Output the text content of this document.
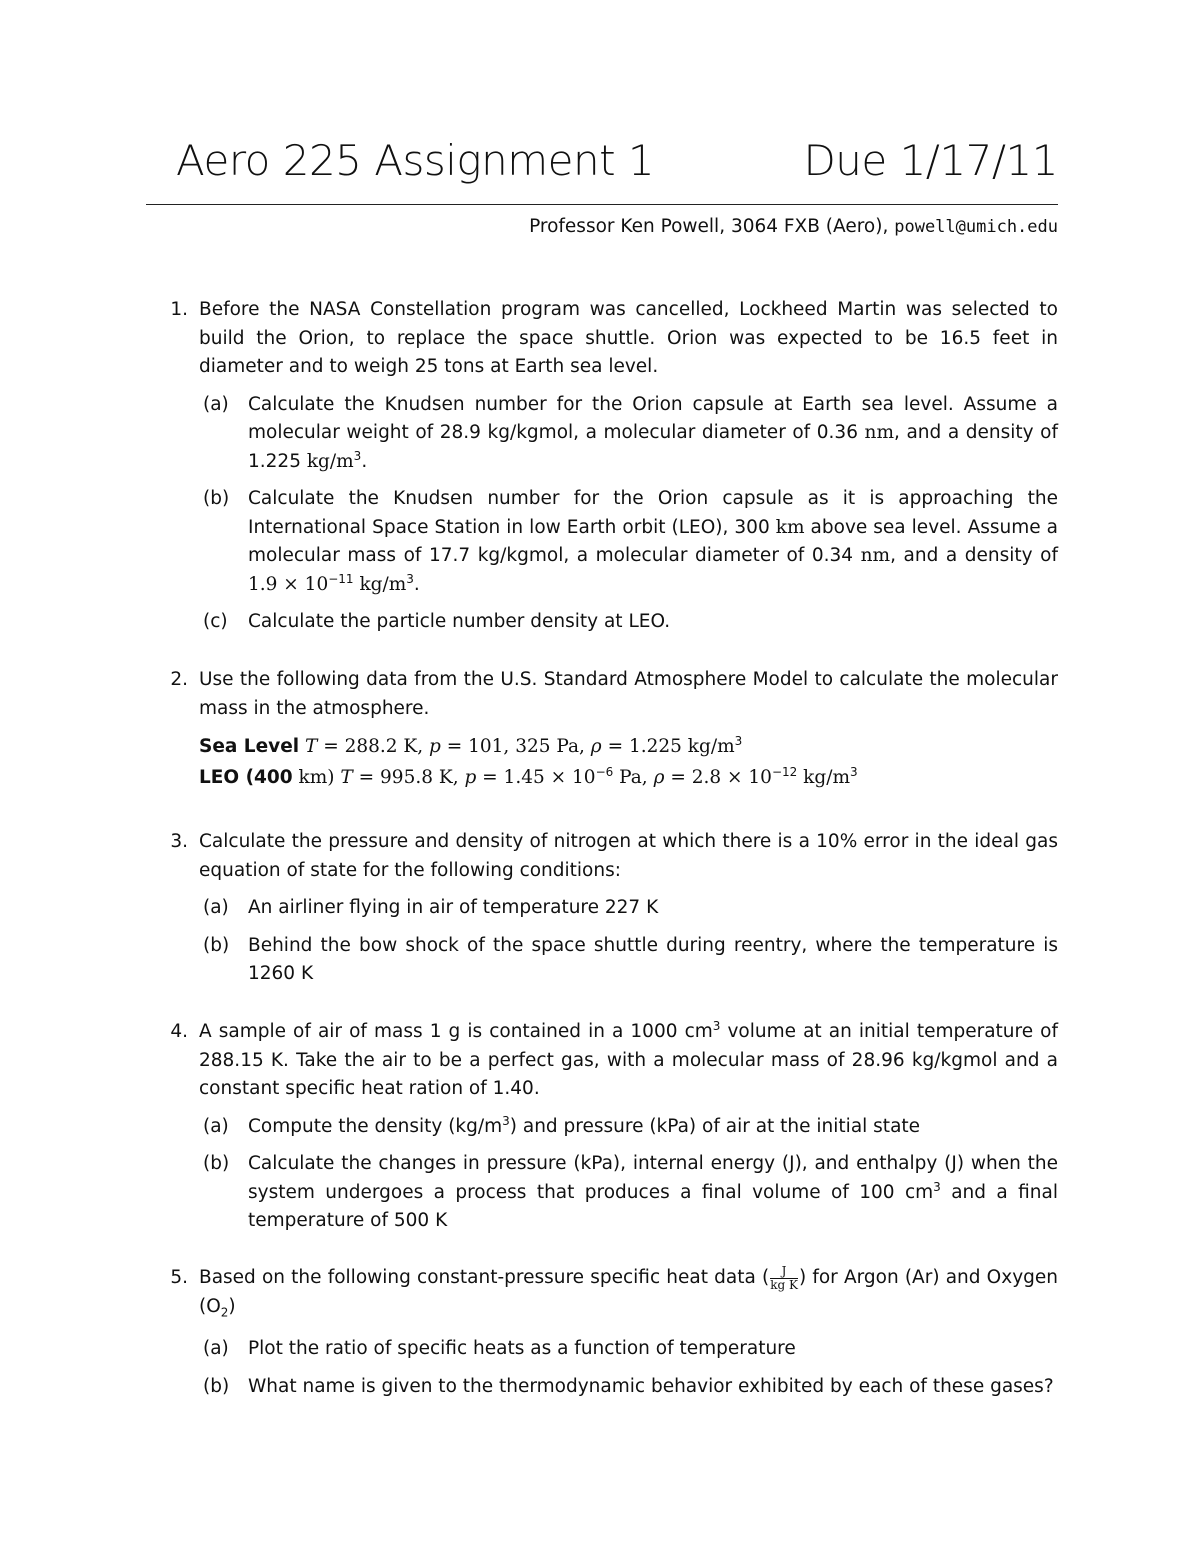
Aero 225 Assignment 1	Due 1/17/11
Professor Ken Powell, 3064 FXB (Aero), powell@umich.edu
1. Before the NASA Constellation program was cancelled, Lockheed Martin was selected to build the Orion, to replace the space shuttle. Orion was expected to be 16.5 feet in diameter and to weigh 25 tons at Earth sea level.
(a) Calculate the Knudsen number for the Orion capsule at Earth sea level. Assume a molecular weight of 28.9 kg/kgmol, a molecular diameter of 0.36 nm, and a density of 1.225 $kg/m^3$.
(b) Calculate the Knudsen number for the Orion capsule as it is approaching the International Space Station in low Earth orbit (LEO), 300 km above sea level. Assume a molecular mass of 17.7 kg/kgmol, a molecular diameter of 0.34 nm, and a density of $1.9 \times 10^{-11}$ $kg/m^3$.
(c) Calculate the particle number density at LEO.
2. Use the following data from the U.S. Standard Atmosphere Model to calculate the molecular mass in the atmosphere.
Sea Level T = 288.2 K, p = 101, 325 Pa, ρ = 1.225 $kg/m^3$
LEO (400 km) T = 995.8 K, $p = 1.45 \times 10^{-6}$ Pa, $\rho = 2.8 \times 10^{-12}$ $kg/m^3$
3. Calculate the pressure and density of nitrogen at which there is a 10% error in the ideal gas equation of state for the following conditions:
(a) An airliner flying in air of temperature 227 K
(b) Behind the bow shock of the space shuttle during reentry, where the temperature is 1260 K
4. A sample of air of mass 1 g is contained in a 1000 $cm^3$ volume at an initial temperature of 288.15 K. Take the air to be a perfect gas, with a molecular mass of 28.96 kg/kgmol and a constant specific heat ration of 1.40.
(a) Compute the density $(kg/m^3)$ and pressure (kPa) of air at the initial state
(b) Calculate the changes in pressure (kPa), internal energy (J), and enthalpy (J) when the system undergoes a process that produces a final volume of 100 $cm^3$ and a final temperature of 500 K
5. Based on the following constant-pressure specific heat data ( $\frac{J}{\text{kg K}}$ ) for Argon (Ar) and Oxygen $(O_2)$
(a) Plot the ratio of specific heats as a function of temperature
(b) What name is given to the thermodynamic behavior exhibited by each of these gases?
